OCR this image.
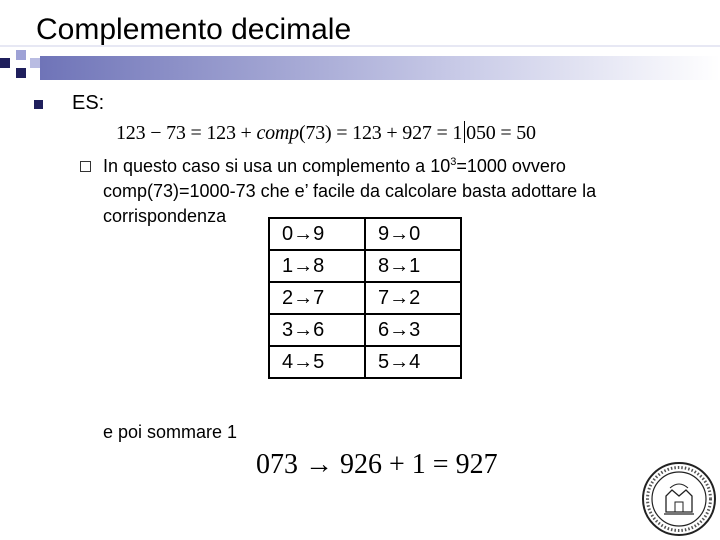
Complemento decimale
ES:
123 − 73 = 123 + comp(73) = 123 + 927 = 1 050 = 50
In questo caso si usa un complemento a $10^3=1000$ ovvero comp(73)=1000-73 che e’ facile da calcolare basta adottare la corrispondenza
0→9	9→0
1→8	8→1
2→7	7→2
3→6	6→3
4→5	5→4
e poi sommare 1
073 → 926 + 1 = 927
